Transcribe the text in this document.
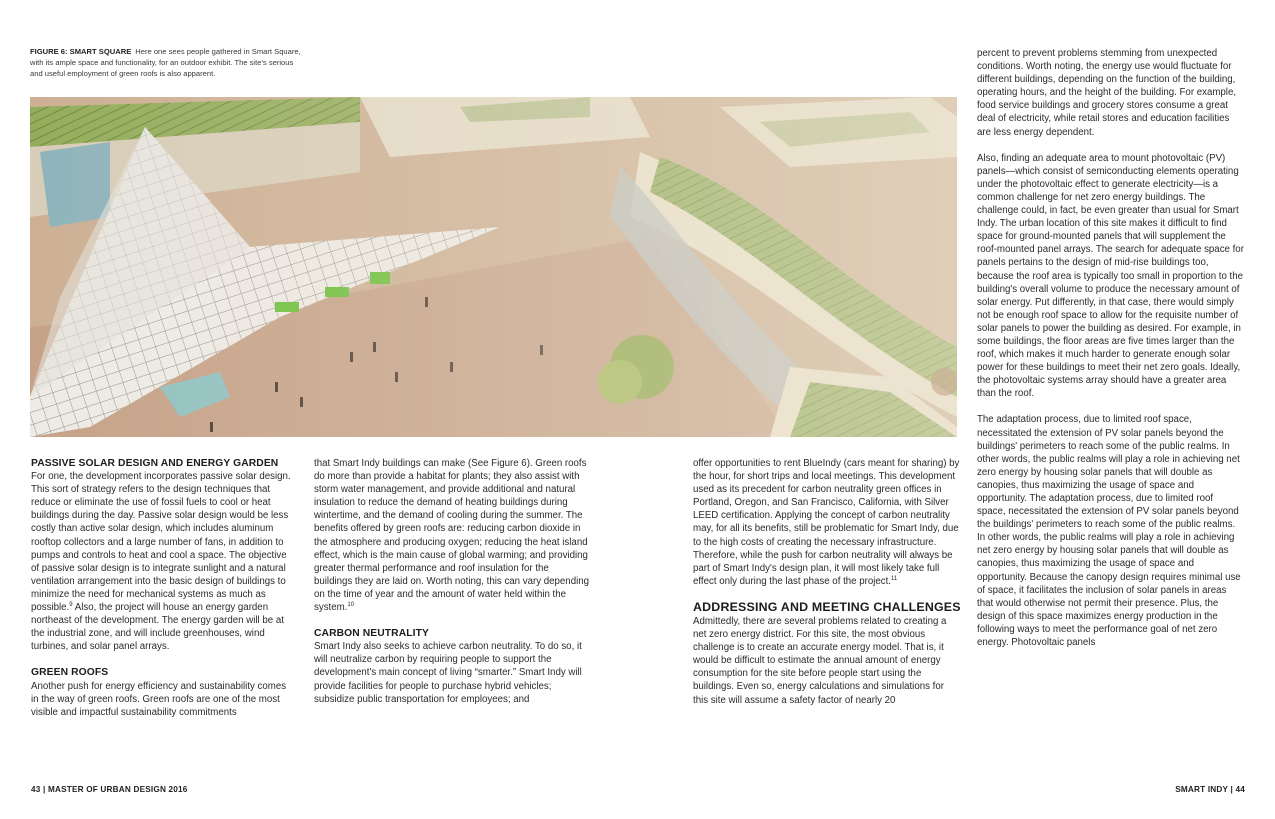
FIGURE 6: SMART SQUARE Here one sees people gathered in Smart Square, with its ample space and functionality, for an outdoor exhibit. The site's serious and useful employment of green roofs is also apparent.
PASSIVE SOLAR DESIGN AND ENERGY GARDEN

For one, the development incorporates passive solar design. This sort of strategy refers to the design techniques that reduce or eliminate the use of fossil fuels to cool or heat buildings during the day. Passive solar design would be less costly than active solar design, which includes aluminum rooftop collectors and a large number of fans, in addition to pumps and controls to heat and cool a space. The objective of passive solar design is to integrate sunlight and a natural ventilation arrangement into the basic design of buildings to minimize the need for mechanical systems as much as possible.$^9$ Also, the project will house an energy garden northeast of the development. The energy garden will be at the industrial zone, and will include greenhouses, wind turbines, and solar panel arrays.

GREEN ROOFS

Another push for energy efficiency and sustainability comes in the way of green roofs. Green roofs are one of the most visible and impactful sustainability commitments

that Smart Indy buildings can make (See Figure 6). Green roofs do more than provide a habitat for plants; they also assist with storm water management, and provide additional and natural insulation to reduce the demand of heating buildings during wintertime, and the demand of cooling during the summer. The benefits offered by green roofs are: reducing carbon dioxide in the atmosphere and producing oxygen; reducing the heat island effect, which is the main cause of global warming; and providing greater thermal performance and roof insulation for the buildings they are laid on. Worth noting, this can vary depending on the time of year and the amount of water held within the system.$^{10}$

CARBON NEUTRALITY

Smart Indy also seeks to achieve carbon neutrality. To do so, it will neutralize carbon by requiring people to support the development's main concept of living “smarter.” Smart Indy will provide facilities for people to purchase hybrid vehicles; subsidize public transportation for employees; and

offer opportunities to rent BlueIndy (cars meant for sharing) by the hour, for short trips and local meetings. This development used as its precedent for carbon neutrality green offices in Portland, Oregon, and San Francisco, California, with Silver LEED certification. Applying the concept of carbon neutrality may, for all its benefits, still be problematic for Smart Indy, due to the high costs of creating the necessary infrastructure. Therefore, while the push for carbon neutrality will always be part of Smart Indy's design plan, it will most likely take full effect only during the last phase of the project.$^{11}$

ADDRESSING AND MEETING CHALLENGES

Admittedly, there are several problems related to creating a net zero energy district. For this site, the most obvious challenge is to create an accurate energy model. That is, it would be difficult to estimate the annual amount of energy consumption for the site before people start using the buildings. Even so, energy calculations and simulations for this site will assume a safety factor of nearly 20

percent to prevent problems stemming from unexpected conditions. Worth noting, the energy use would fluctuate for different buildings, depending on the function of the building, operating hours, and the height of the building. For example, food service buildings and grocery stores consume a great deal of electricity, while retail stores and education facilities are less energy dependent.

Also, finding an adequate area to mount photovoltaic (PV) panels—which consist of semiconducting elements operating under the photovoltaic effect to generate electricity—is a common challenge for net zero energy buildings. The challenge could, in fact, be even greater than usual for Smart Indy. The urban location of this site makes it difficult to find space for ground-mounted panels that will supplement the roof-mounted panel arrays. The search for adequate space for panels pertains to the design of mid-rise buildings too, because the roof area is typically too small in proportion to the building's overall volume to produce the necessary amount of solar energy. Put differently, in that case, there would simply not be enough roof space to allow for the requisite number of solar panels to power the building as desired. For example, in some buildings, the floor areas are five times larger than the roof, which makes it much harder to generate enough solar power for these buildings to meet their net zero goals. Ideally, the photovoltaic systems array should have a greater area than the roof.

The adaptation process, due to limited roof space, necessitated the extension of PV solar panels beyond the buildings' perimeters to reach some of the public realms. In other words, the public realms will play a role in achieving net zero energy by housing solar panels that will double as canopies, thus maximizing the usage of space and opportunity. The adaptation process, due to limited roof space, necessitated the extension of PV solar panels beyond the buildings' perimeters to reach some of the public realms. In other words, the public realms will play a role in achieving net zero energy by housing solar panels that will double as canopies, thus maximizing the usage of space and opportunity. Because the canopy design requires minimal use of space, it facilitates the inclusion of solar panels in areas that would otherwise not permit their presence. Plus, the design of this space maximizes energy production in the following ways to meet the performance goal of net zero energy. Photovoltaic panels

43 | MASTER OF URBAN DESIGN 2016	SMART INDY | 44
